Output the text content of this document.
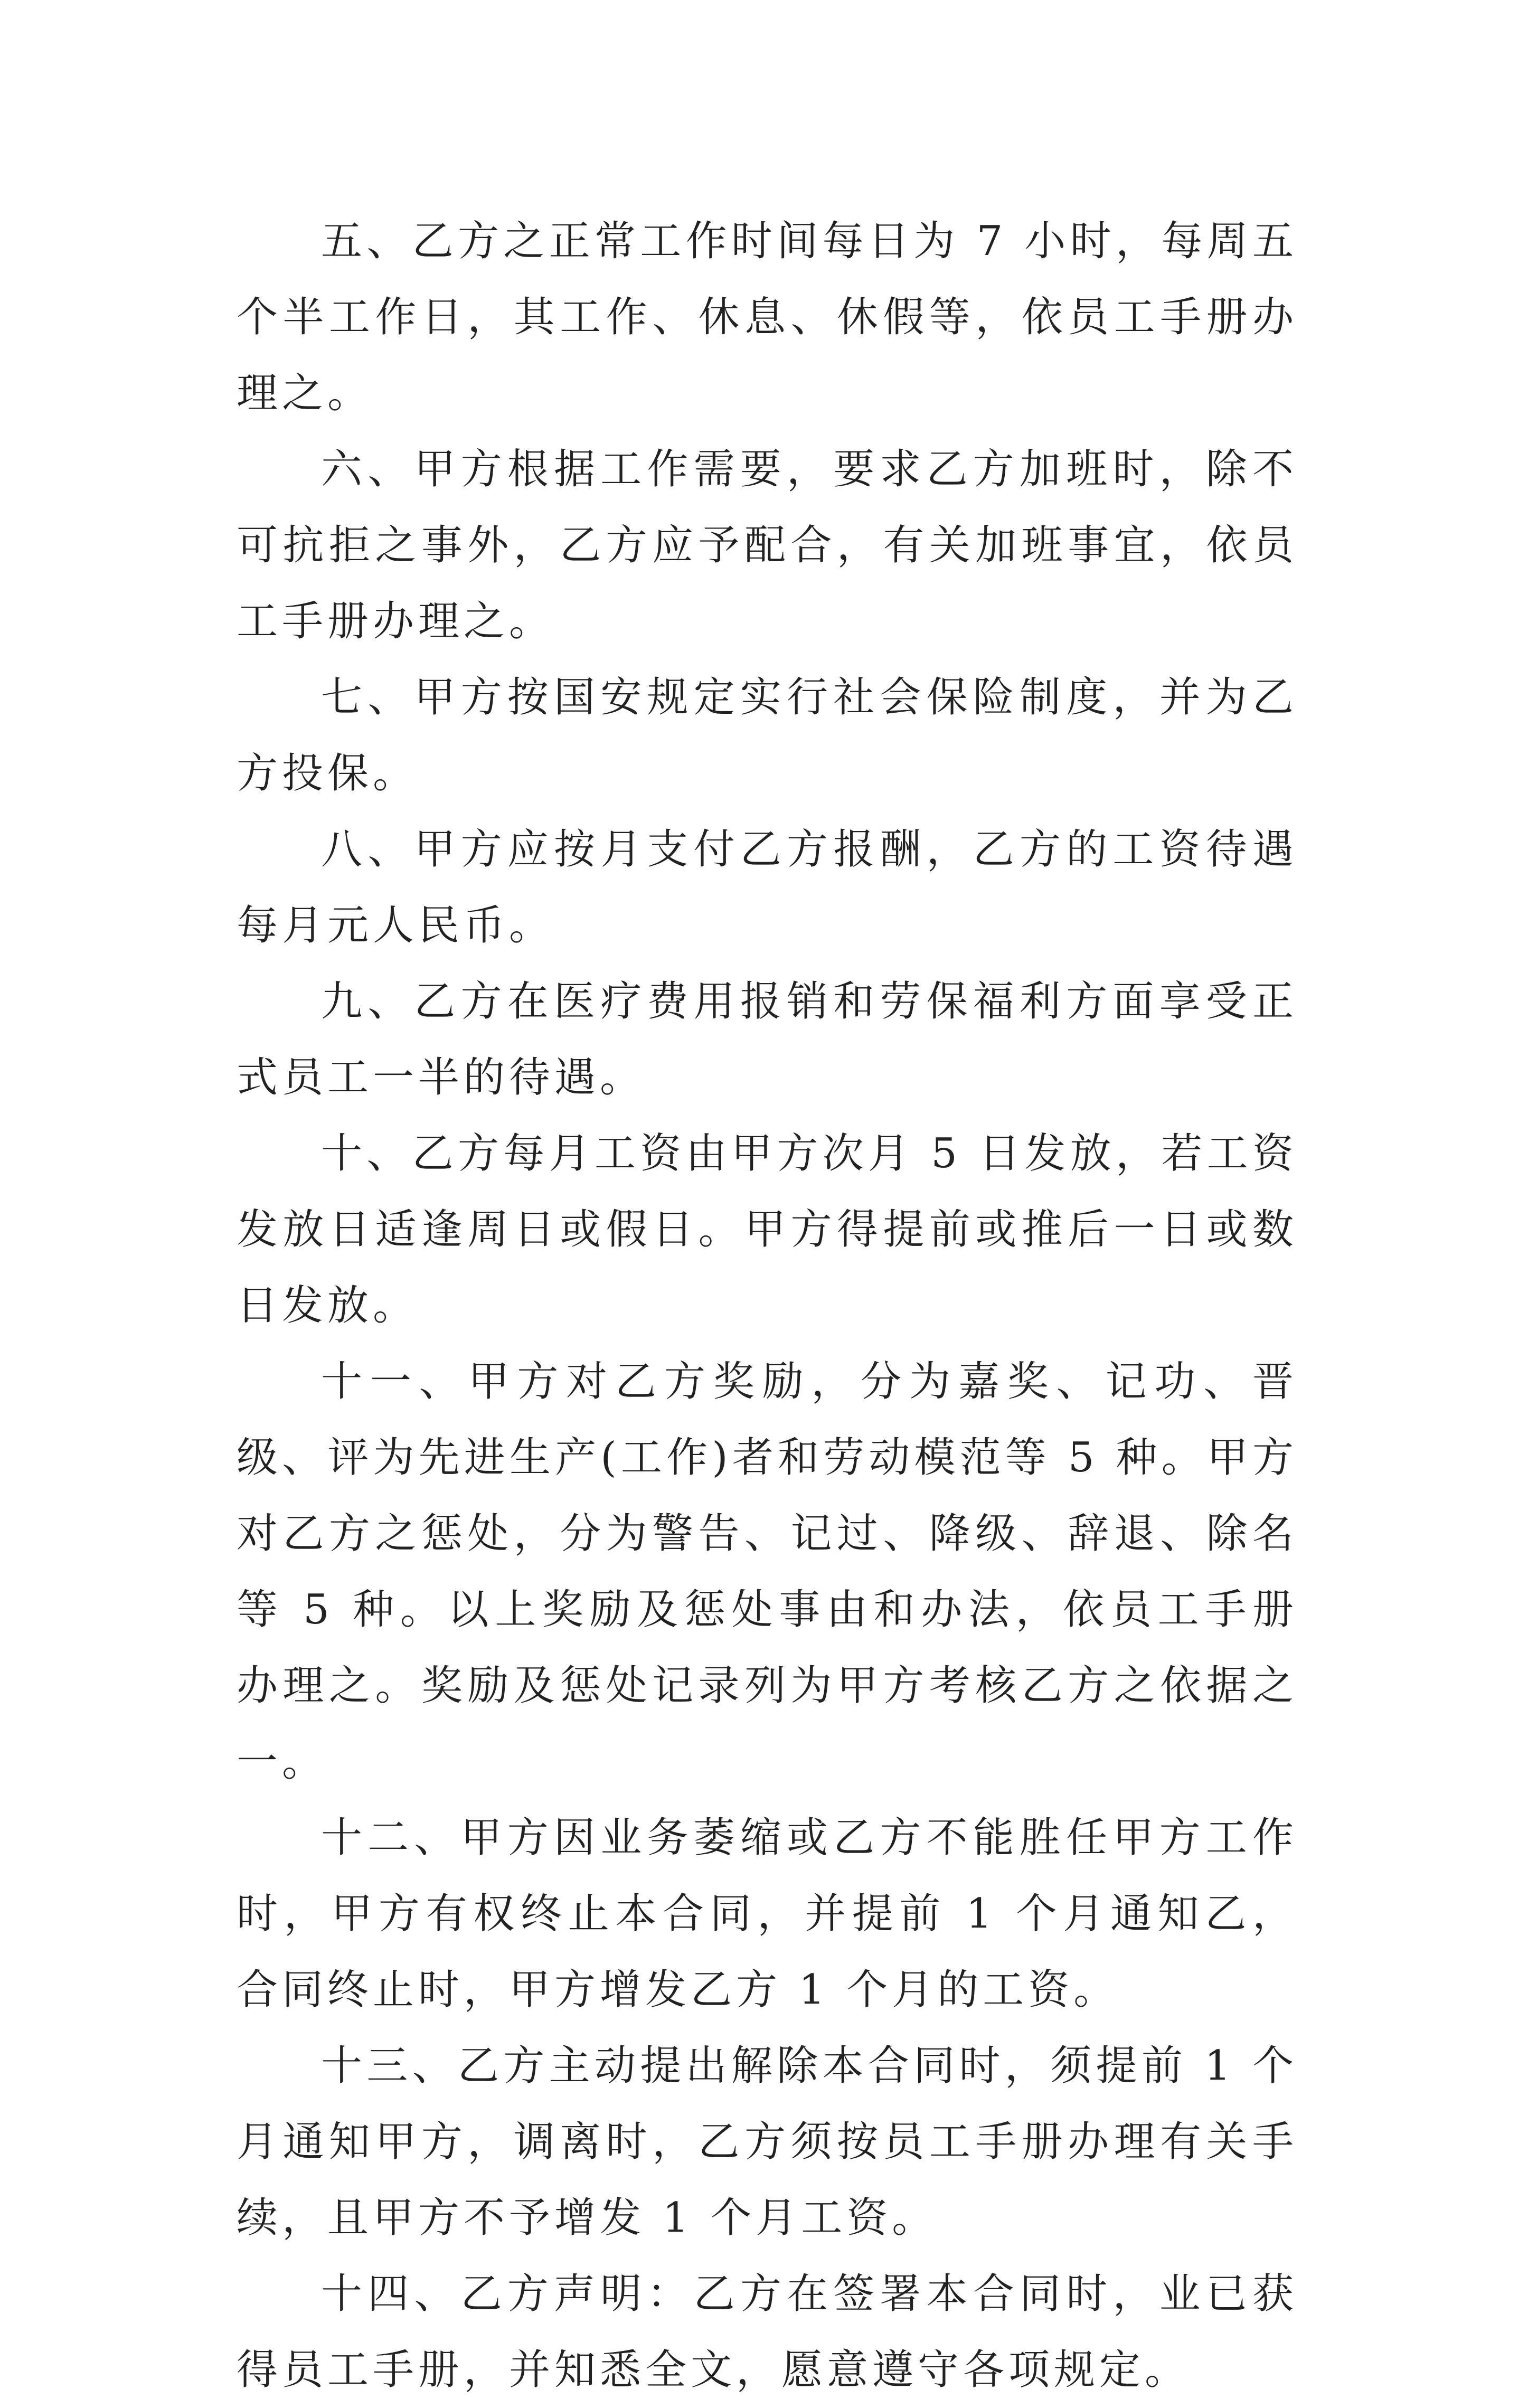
五、乙方之正常工作时间每日为 7 小时，每周五个半工作日，其工作、休息、休假等，依员工手册办理之。

六、甲方根据工作需要，要求乙方加班时，除不可抗拒之事外，乙方应予配合，有关加班事宜，依员工手册办理之。

七、甲方按国安规定实行社会保险制度，并为乙方投保。

八、甲方应按月支付乙方报酬，乙方的工资待遇每月元人民币。

九、乙方在医疗费用报销和劳保福利方面享受正式员工一半的待遇。

十、乙方每月工资由甲方次月 5 日发放，若工资发放日适逢周日或假日。甲方得提前或推后一日或数日发放。

十一、甲方对乙方奖励，分为嘉奖、记功、晋级、评为先进生产(工作)者和劳动模范等 5 种。甲方对乙方之惩处，分为警告、记过、降级、辞退、除名等 5 种。以上奖励及惩处事由和办法，依员工手册办理之。奖励及惩处记录列为甲方考核乙方之依据之一。

十二、甲方因业务萎缩或乙方不能胜任甲方工作时，甲方有权终止本合同，并提前 1 个月通知乙，合同终止时，甲方增发乙方 1 个月的工资。

十三、乙方主动提出解除本合同时，须提前 1 个月通知甲方，调离时，乙方须按员工手册办理有关手续，且甲方不予增发 1 个月工资。

十四、乙方声明：乙方在签署本合同时，业已获得员工手册，并知悉全文，愿意遵守各项规定。
